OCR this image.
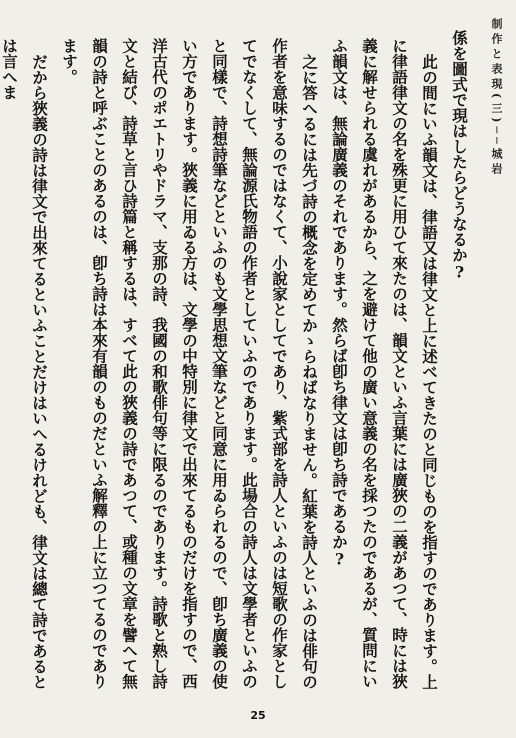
制作と表現(三)──城岩

係を圖式で現はしたらどうなるか?

此の間にいふ韻文は、律語又は律文と上に述べてきたのと同じものを指すのであります。上に律語律文の名を殊更に用ひて來たのは、韻文といふ言葉には廣狹の二義があつて、時には狹義に解せられる虞れがあるから、之を避けて他の廣い意義の名を採つたのであるが、質問にいふ韻文は、無論廣義のそれであります。然らば卽ち律文は卽ち詩であるか?

之に答へるには先づ詩の概念を定めてかゝらねばなりません。紅葉を詩人といふのは俳句の作者を意味するのではなくて、小說家としてであり、紫式部を詩人といふのは短歌の作家としてでなくして、無論源氏物語の作者としていふのであります。此場合の詩人は文學者といふのと同樣で、詩想詩筆などといふのも文學思想文筆などと同意に用ゐられるので、卽ち廣義の使い方であります。狹義に用ゐる方は、文學の中特別に律文で出來てるものだけを指すので、西洋古代のポエトリやドラマ、支那の詩、我國の和歌俳句等に限るのであります。詩歌と熟し詩文と結び、詩草と言ひ詩篇と稱するは、すべて此の狹義の詩であつて、或種の文章を譬へて無韻の詩と呼ぶことのあるのは、卽ち詩は本來有韻のものだといふ解釋の上に立つてるのであります。

だから狹義の詩は律文で出來てるといふことだけはいへるけれども、律文は總て詩であるとは言へま

25
